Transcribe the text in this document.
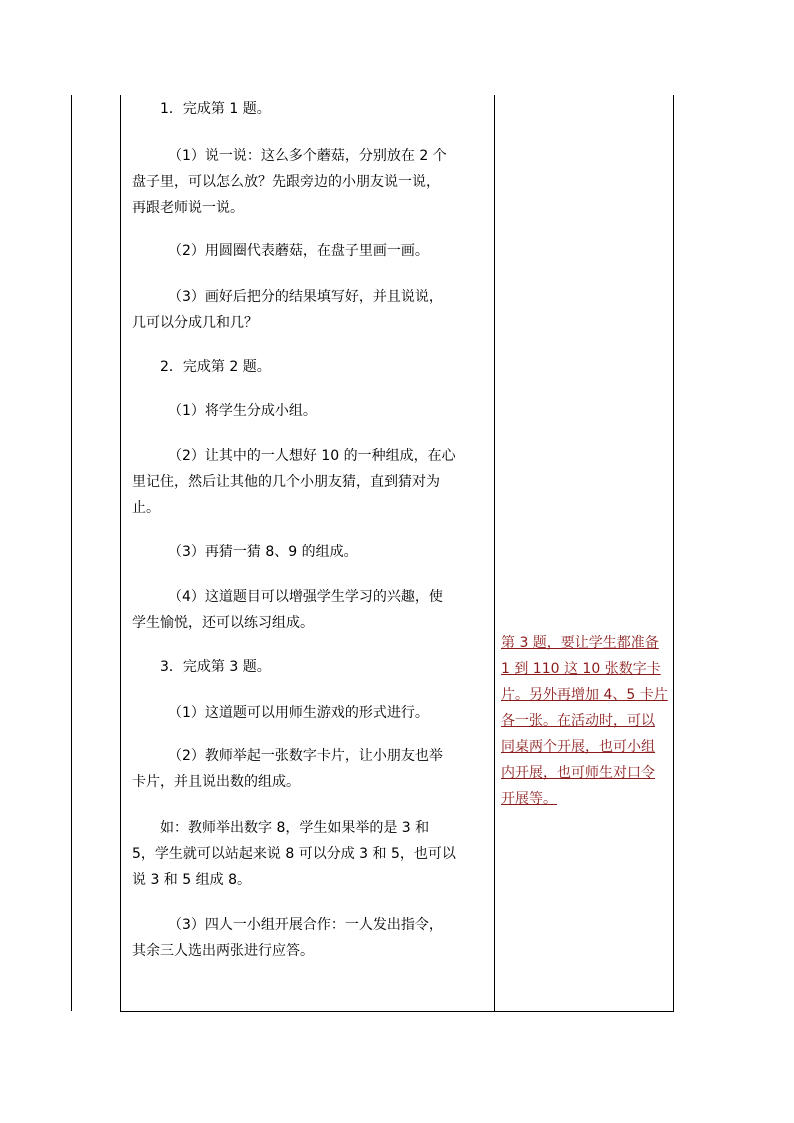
1．完成第 1 题。

（1）说一说：这么多个蘑菇，分别放在 2 个

盘子里，可以怎么放？先跟旁边的小朋友说一说，

再跟老师说一说。

（2）用圆圈代表蘑菇，在盘子里画一画。

（3）画好后把分的结果填写好，并且说说，

几可以分成几和几？

2．完成第 2 题。

（1）将学生分成小组。

（2）让其中的一人想好 10 的一种组成，在心

里记住，然后让其他的几个小朋友猜，直到猜对为

止。

（3）再猜一猜 8、9 的组成。

（4）这道题目可以增强学生学习的兴趣，使

学生愉悦，还可以练习组成。

3．完成第 3 题。

（1）这道题可以用师生游戏的形式进行。

（2）教师举起一张数字卡片，让小朋友也举

卡片，并且说出数的组成。

如：教师举出数字 8，学生如果举的是 3 和

5，学生就可以站起来说 8 可以分成 3 和 5，也可以

说 3 和 5 组成 8。

（3）四人一小组开展合作：一人发出指令，

其余三人选出两张进行应答。

第 3 题，要让学生都准备

1 到 110 这 10 张数字卡

片。另外再增加 4、5 卡片

各一张。在活动时，可以

同桌两个开展，也可小组

内开展，也可师生对口令

开展等。
